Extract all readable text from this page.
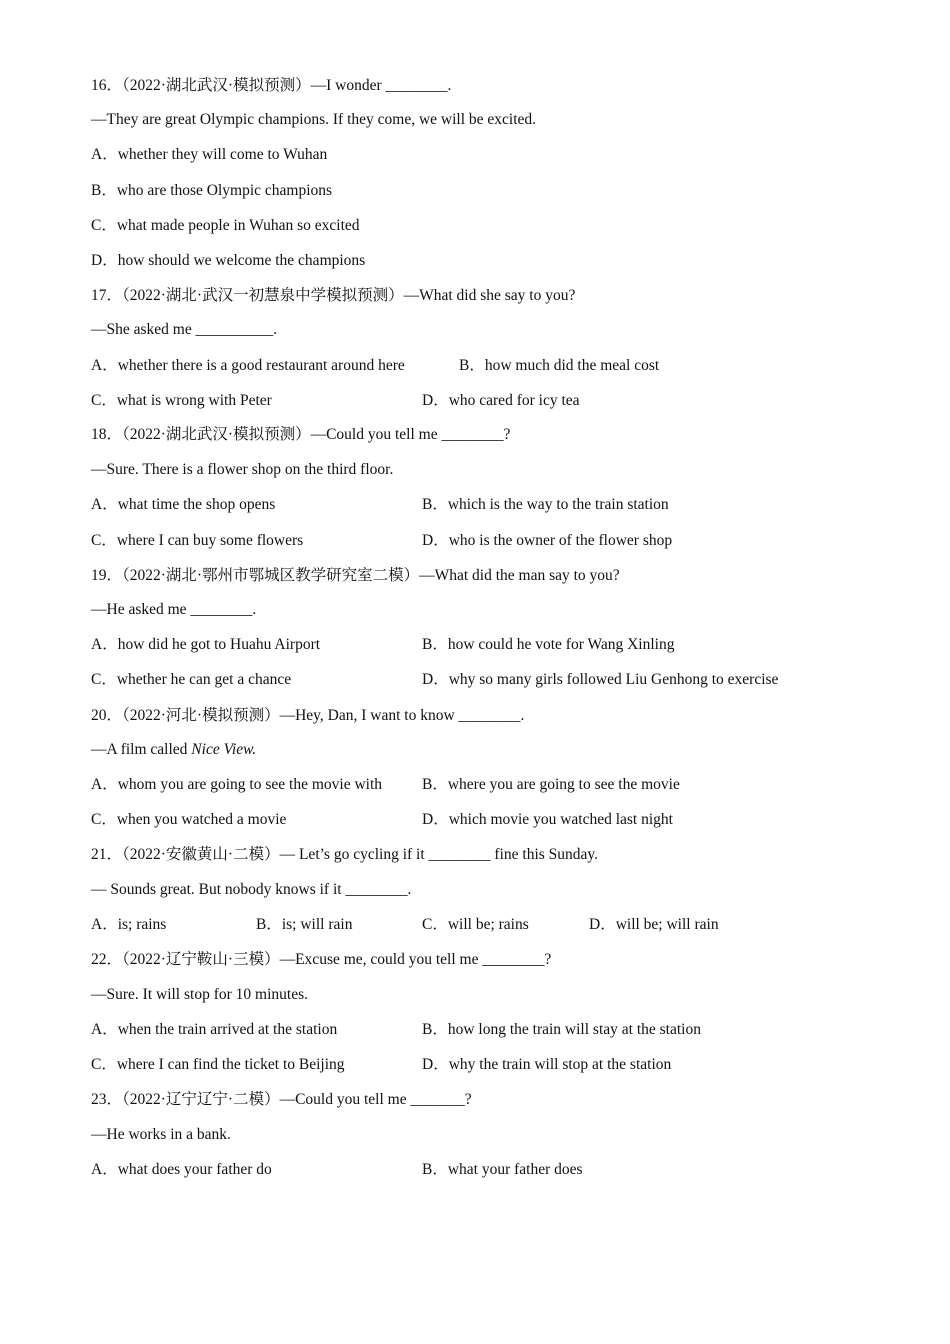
16．（2022·湖北武汉·模拟预测）—I wonder ________.
—They are great Olympic champions. If they come, we will be excited.
A．whether they will come to Wuhan
B．who are those Olympic champions
C．what made people in Wuhan so excited
D．how should we welcome the champions
17．（2022·湖北·武汉一初慧泉中学模拟预测）—What did she say to you?
—She asked me __________.
A．whether there is a good restaurant around here	B．how much did the meal cost
C．what is wrong with Peter	D．who cared for icy tea
18．（2022·湖北武汉·模拟预测）—Could you tell me ________?
—Sure. There is a flower shop on the third floor.
A．what time the shop opens	B．which is the way to the train station
C．where I can buy some flowers	D．who is the owner of the flower shop
19．（2022·湖北·鄂州市鄂城区教学研究室二模）—What did the man say to you?
—He asked me ________.
A．how did he got to Huahu Airport	B．how could he vote for Wang Xinling
C．whether he can get a chance	D．why so many girls followed Liu Genhong to exercise
20．（2022·河北·模拟预测）—Hey, Dan, I want to know ________.
—A film called Nice View.
A．whom you are going to see the movie with	B．where you are going to see the movie
C．when you watched a movie	D．which movie you watched last night
21．（2022·安徽黄山·二模）— Let’s go cycling if it ________ fine this Sunday.
— Sounds great. But nobody knows if it ________.
A．is; rains	B．is; will rain	C．will be; rains	D．will be; will rain
22．（2022·辽宁鞍山·三模）—Excuse me, could you tell me ________?
—Sure. It will stop for 10 minutes.
A．when the train arrived at the station	B．how long the train will stay at the station
C．where I can find the ticket to Beijing	D．why the train will stop at the station
23．（2022·辽宁辽宁·二模）—Could you tell me _______?
—He works in a bank.
A．what does your father do	B．what your father does
